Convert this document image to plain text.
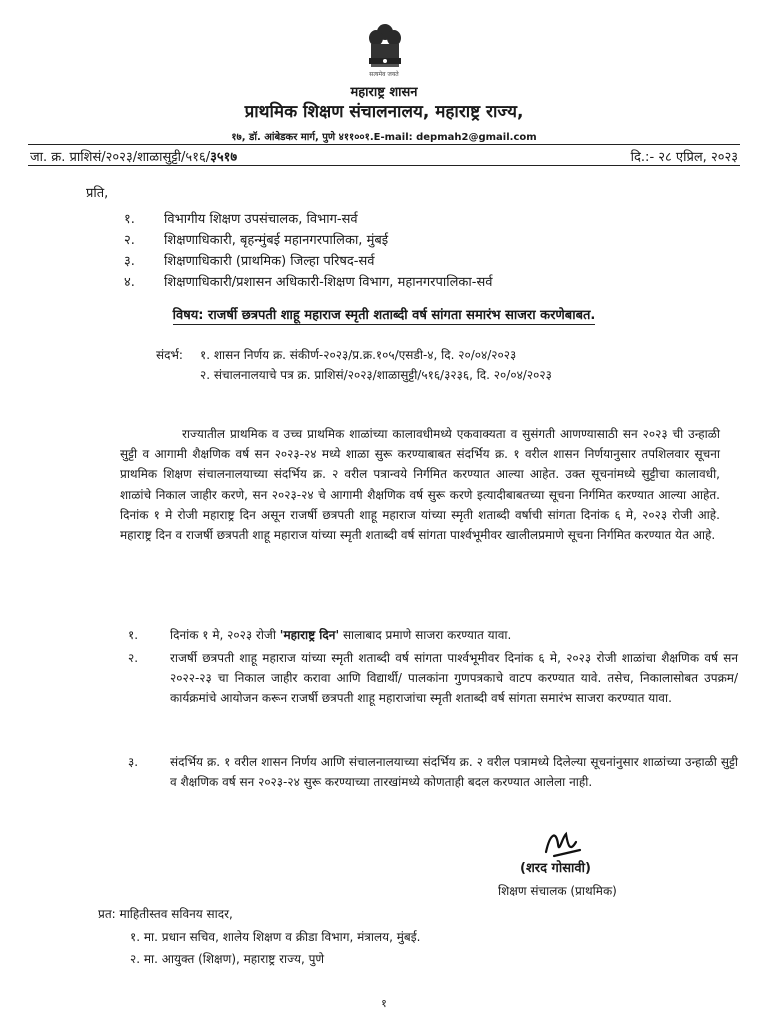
सत्यमेव जयते
महाराष्ट्र शासन
प्राथमिक शिक्षण संचालनालय, महाराष्ट्र राज्य,
१७, डॉ. आंबेडकर मार्ग, पुणे ४११००१.E-mail: depmah2@gmail.com
जा. क्र. प्राशिसं/२०२३/शाळासुट्टी/५१६/३५१७	दि.:- २८ एप्रिल, २०२३
प्रति,
१. विभागीय शिक्षण उपसंचालक, विभाग-सर्व
२. शिक्षणाधिकारी, बृहन्मुंबई महानगरपालिका, मुंबई
३. शिक्षणाधिकारी (प्राथमिक) जिल्हा परिषद-सर्व
४. शिक्षणाधिकारी/प्रशासन अधिकारी-शिक्षण विभाग, महानगरपालिका-सर्व
विषय: राजर्षी छत्रपती शाहू महाराज स्मृती शताब्दी वर्ष सांगता समारंभ साजरा करणेबाबत.
संदर्भ: १. शासन निर्णय क्र. संकीर्ण-२०२३/प्र.क्र.१०५/एसडी-४, दि. २०/०४/२०२३
२. संचालनालयाचे पत्र क्र. प्राशिसं/२०२३/शाळासुट्टी/५१६/३२३६, दि. २०/०४/२०२३
राज्यातील प्राथमिक व उच्च प्राथमिक शाळांच्या कालावधीमध्ये एकवाक्यता व सुसंगती आणण्यासाठी सन २०२३ ची उन्हाळी सुट्टी व आगामी शैक्षणिक वर्ष सन २०२३-२४ मध्ये शाळा सुरू करण्याबाबत संदर्भिय क्र. १ वरील शासन निर्णयानुसार तपशिलवार सूचना प्राथमिक शिक्षण संचालनालयाच्या संदर्भिय क्र. २ वरील पत्रान्वये निर्गमित करण्यात आल्या आहेत. उक्त सूचनांमध्ये सुट्टीचा कालावधी, शाळांचे निकाल जाहीर करणे, सन २०२३-२४ चे आगामी शैक्षणिक वर्ष सुरू करणे इत्यादीबाबतच्या सूचना निर्गमित करण्यात आल्या आहेत. दिनांक १ मे रोजी महाराष्ट्र दिन असून राजर्षी छत्रपती शाहू महाराज यांच्या स्मृती शताब्दी वर्षाची सांगता दिनांक ६ मे, २०२३ रोजी आहे. महाराष्ट्र दिन व राजर्षी छत्रपती शाहू महाराज यांच्या स्मृती शताब्दी वर्ष सांगता पार्श्वभूमीवर खालीलप्रमाणे सूचना निर्गमित करण्यात येत आहे.
१.	दिनांक १ मे, २०२३ रोजी 'महाराष्ट्र दिन' सालाबाद प्रमाणे साजरा करण्यात यावा.
२.	राजर्षी छत्रपती शाहू महाराज यांच्या स्मृती शताब्दी वर्ष सांगता पार्श्वभूमीवर दिनांक ६ मे, २०२३ रोजी शाळांचा शैक्षणिक वर्ष सन २०२२-२३ चा निकाल जाहीर करावा आणि विद्यार्थी/ पालकांना गुणपत्रकाचे वाटप करण्यात यावे. तसेच, निकालासोबत उपक्रम/कार्यक्रमांचे आयोजन करून राजर्षी छत्रपती शाहू महाराजांचा स्मृती शताब्दी वर्ष सांगता समारंभ साजरा करण्यात यावा.
३.	संदर्भिय क्र. १ वरील शासन निर्णय आणि संचालनालयाच्या संदर्भिय क्र. २ वरील पत्रामध्ये दिलेल्या सूचनांनुसार शाळांच्या उन्हाळी सुट्टी व शैक्षणिक वर्ष सन २०२३-२४ सुरू करण्याच्या तारखांमध्ये कोणताही बदल करण्यात आलेला नाही.
(शरद गोसावी)
शिक्षण संचालक (प्राथमिक)
प्रत: माहितीस्तव सविनय सादर,
१. मा. प्रधान सचिव, शालेय शिक्षण व क्रीडा विभाग, मंत्रालय, मुंबई.
२. मा. आयुक्त (शिक्षण), महाराष्ट्र राज्य, पुणे
१
